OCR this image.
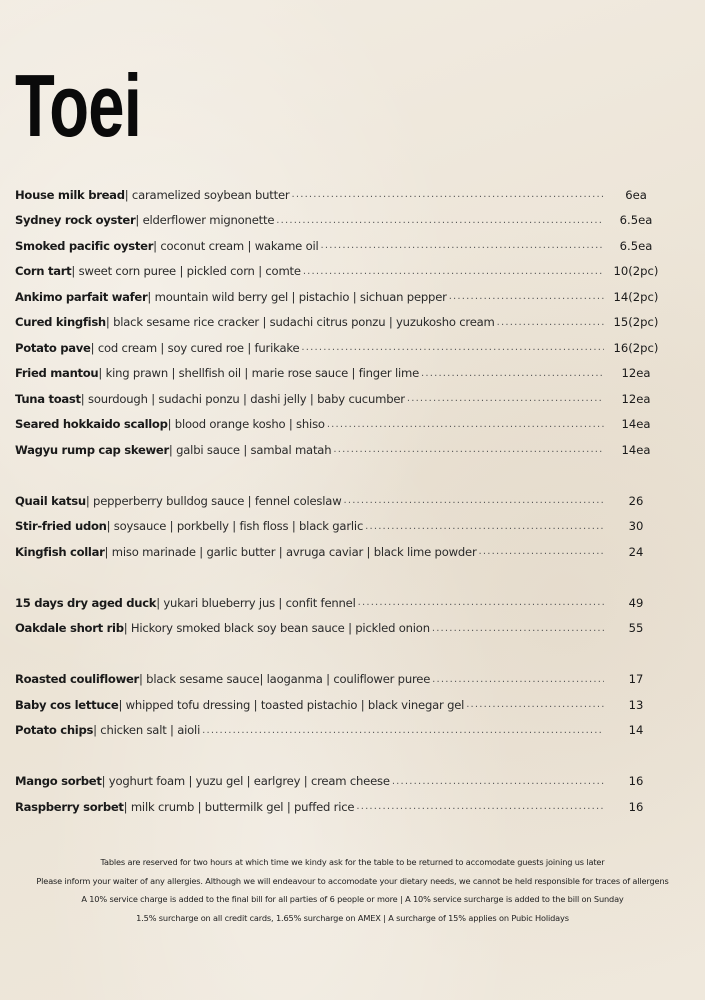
Toei
House milk bread | caramelized soybean butter . . .	6ea
Sydney rock oyster | elderflower mignonette . . .	6.5ea
Smoked pacific oyster | coconut cream | wakame oil . . .	6.5ea
Corn tart | sweet corn puree | pickled corn | comte . . .	10(2pc)
Ankimo parfait wafer | mountain wild berry gel | pistachio | sichuan pepper . . .	14(2pc)
Cured kingfish | black sesame rice cracker | sudachi citrus ponzu | yuzukosho cream . . .	15(2pc)
Potato pave | cod cream | soy cured roe | furikake . . .	16(2pc)
Fried mantou | king prawn | shellfish oil | marie rose sauce | finger lime . . .	12ea
Tuna toast | sourdough | sudachi ponzu | dashi jelly | baby cucumber . . .	12ea
Seared hokkaido scallop | blood orange kosho | shiso . . .	14ea
Wagyu rump cap skewer | galbi sauce | sambal matah . . .	14ea
Quail katsu | pepperberry bulldog sauce | fennel coleslaw . . .	26
Stir-fried udon | soysauce | porkbelly | fish floss | black garlic . . .	30
Kingfish collar | miso marinade | garlic butter | avruga caviar | black lime powder . . .	24
15 days dry aged duck | yukari blueberry jus | confit fennel . . .	49
Oakdale short rib | Hickory smoked black soy bean sauce | pickled onion . . .	55
Roasted couliflower | black sesame sauce| laoganma | couliflower puree . . .	17
Baby cos lettuce | whipped tofu dressing | toasted pistachio | black vinegar gel . . .	13
Potato chips | chicken salt | aioli . . .	14
Mango sorbet | yoghurt foam | yuzu gel | earlgrey | cream cheese . . .	16
Raspberry sorbet | milk crumb | buttermilk gel | puffed rice . . .	16
Tables are reserved for two hours at which time we kindy ask for the table to be returned to accomodate guests joining us later
Please inform your waiter of any allergies. Although we will endeavour to accomodate your dietary needs, we cannot be held responsible for traces of allergens
A 10% service charge is added to the final bill for all parties of 6 people or more | A 10% service surcharge is added to the bill on Sunday
1.5% surcharge on all credit cards, 1.65% surcharge on AMEX | A surcharge of 15% applies on Pubic Holidays
